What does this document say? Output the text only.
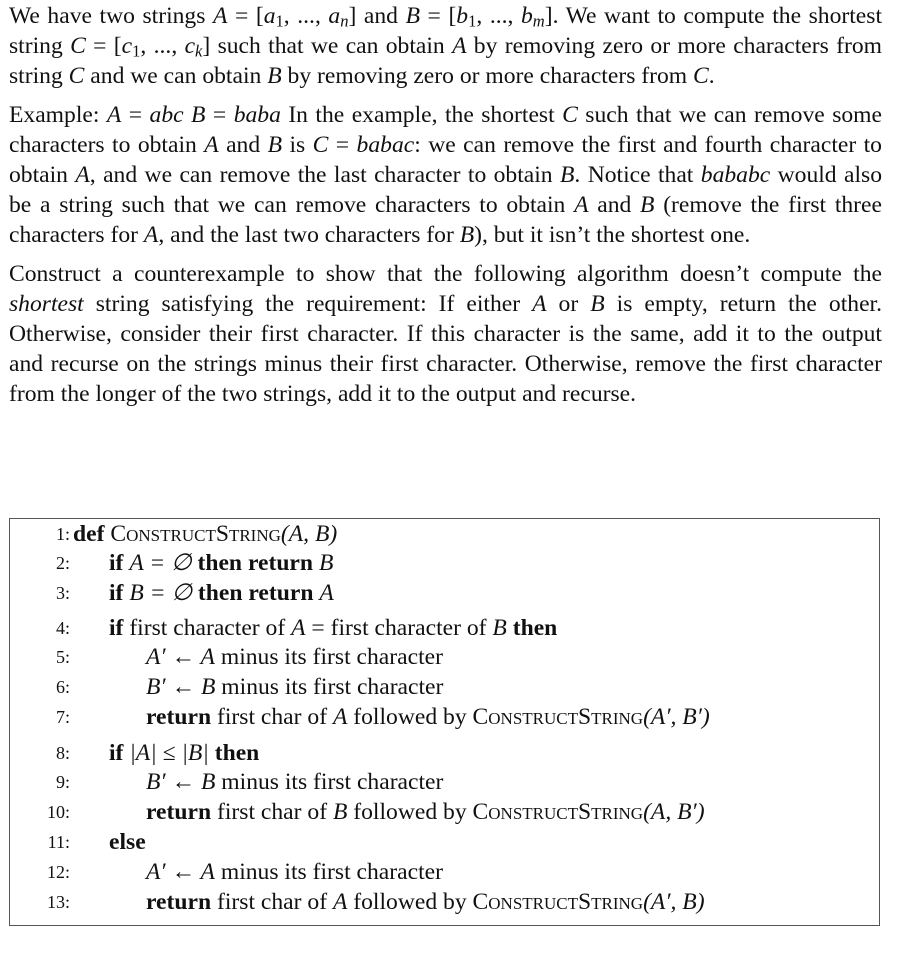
We have two strings $A = [a_1$, ..., $a_n$] and $B = [b_1$, ..., $b_m$]. We want to compute the shortest string $C = [c_1$, ..., $c_k$] such that we can obtain A by removing zero or more characters from string C and we can obtain B by removing zero or more characters from C.

Example: A = abc B = baba In the example, the shortest C such that we can remove some characters to obtain A and B is C = babac: we can remove the first and fourth character to obtain A, and we can remove the last character to obtain B. Notice that bababc would also be a string such that we can remove characters to obtain A and B (remove the first three characters for A, and the last two characters for B), but it isn’t the shortest one.

Construct a counterexample to show that the following algorithm doesn’t compute the shortest string satisfying the requirement: If either A or B is empty, return the other. Otherwise, consider their first character. If this character is the same, add it to the output and recurse on the strings minus their first character. Otherwise, remove the first character from the longer of the two strings, add it to the output and recurse.

1: def ConstructString(A, B)
2: if A = ∅ then return B
3: if B = ∅ then return A
4: if first character of A = first character of B then
5:	A′ ← A minus its first character
6:	B′ ← B minus its first character
7:	return first char of A followed by ConstructString(A′, B′)
8: if |A| ≤ |B| then
9:	B′ ← B minus its first character
10:	return first char of B followed by ConstructString(A, B′)
11: else
12:	A′ ← A minus its first character
13:	return first char of A followed by ConstructString(A′, B)
